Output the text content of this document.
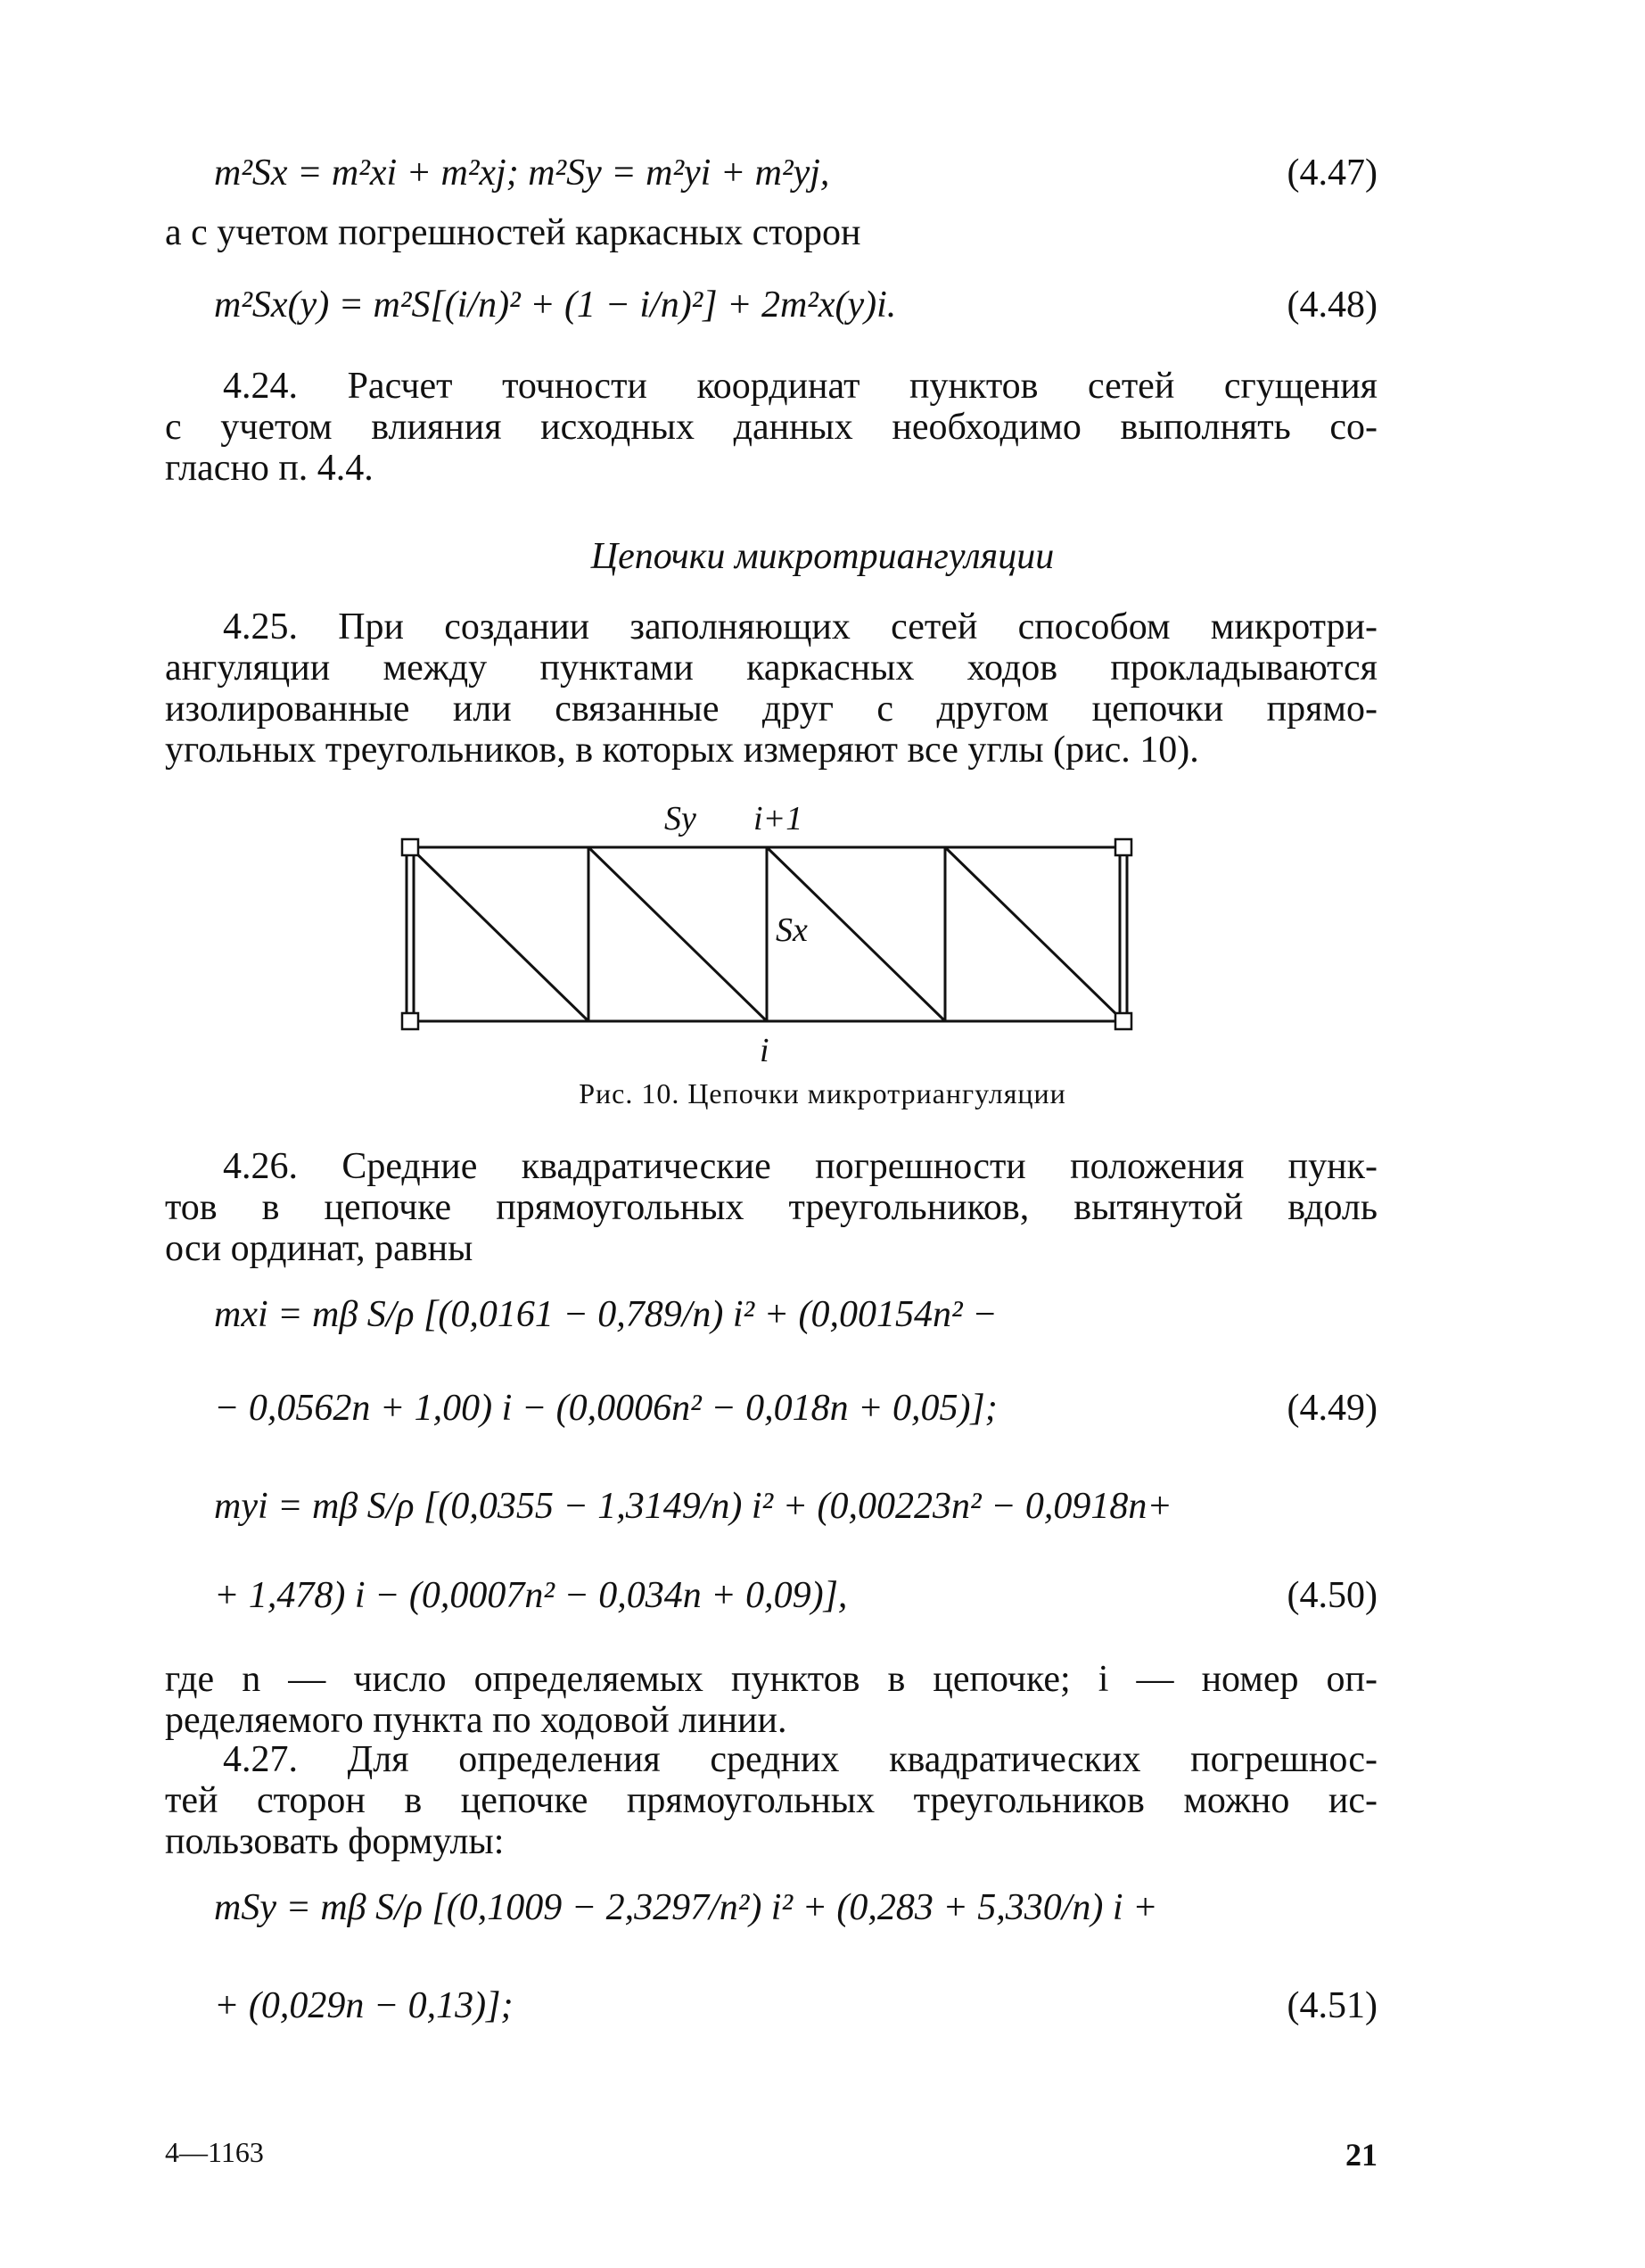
m²Sx = m²xi + m²xj; m²Sy = m²yi + m²yj,	(4.47)
а с учетом погрешностей каркасных сторон
m²Sx(y) = m²S[(i/n)² + (1 − i/n)²] + 2m²x(y)i.	(4.48)
4.24. Расчет точности координат пунктов сетей сгущения
с учетом влияния исходных данных необходимо выполнять со-
гласно п. 4.4.
Цепочки микротриангуляции
4.25. При создании заполняющих сетей способом микротри-
ангуляции между пунктами каркасных ходов прокладываются
изолированные или связанные друг с другом цепочки прямо-
угольных треугольников, в которых измеряют все углы (рис. 10).
Sy i+1
Sx
i
Рис. 10. Цепочки микротриангуляции
4.26. Средние квадратические погрешности положения пунк-
тов в цепочке прямоугольных треугольников, вытянутой вдоль
оси ординат, равны
mxi = mβ S/ρ [(0,0161 − 0,789/n) i² + (0,00154n² −
− 0,0562n + 1,00) i − (0,0006n² − 0,018n + 0,05)];	(4.49)
myi = mβ S/ρ [(0,0355 − 1,3149/n) i² + (0,00223n² − 0,0918n+
+ 1,478) i − (0,0007n² − 0,034n + 0,09)],	(4.50)
где n — число определяемых пунктов в цепочке; i — номер оп-
ределяемого пункта по ходовой линии.
4.27. Для определения средних квадратических погрешнос-
тей сторон в цепочке прямоугольных треугольников можно ис-
пользовать формулы:
mSy = mβ S/ρ [(0,1009 − 2,3297/n²) i² + (0,283 + 5,330/n) i +
+ (0,029n − 0,13)];	(4.51)
4—1163	21
